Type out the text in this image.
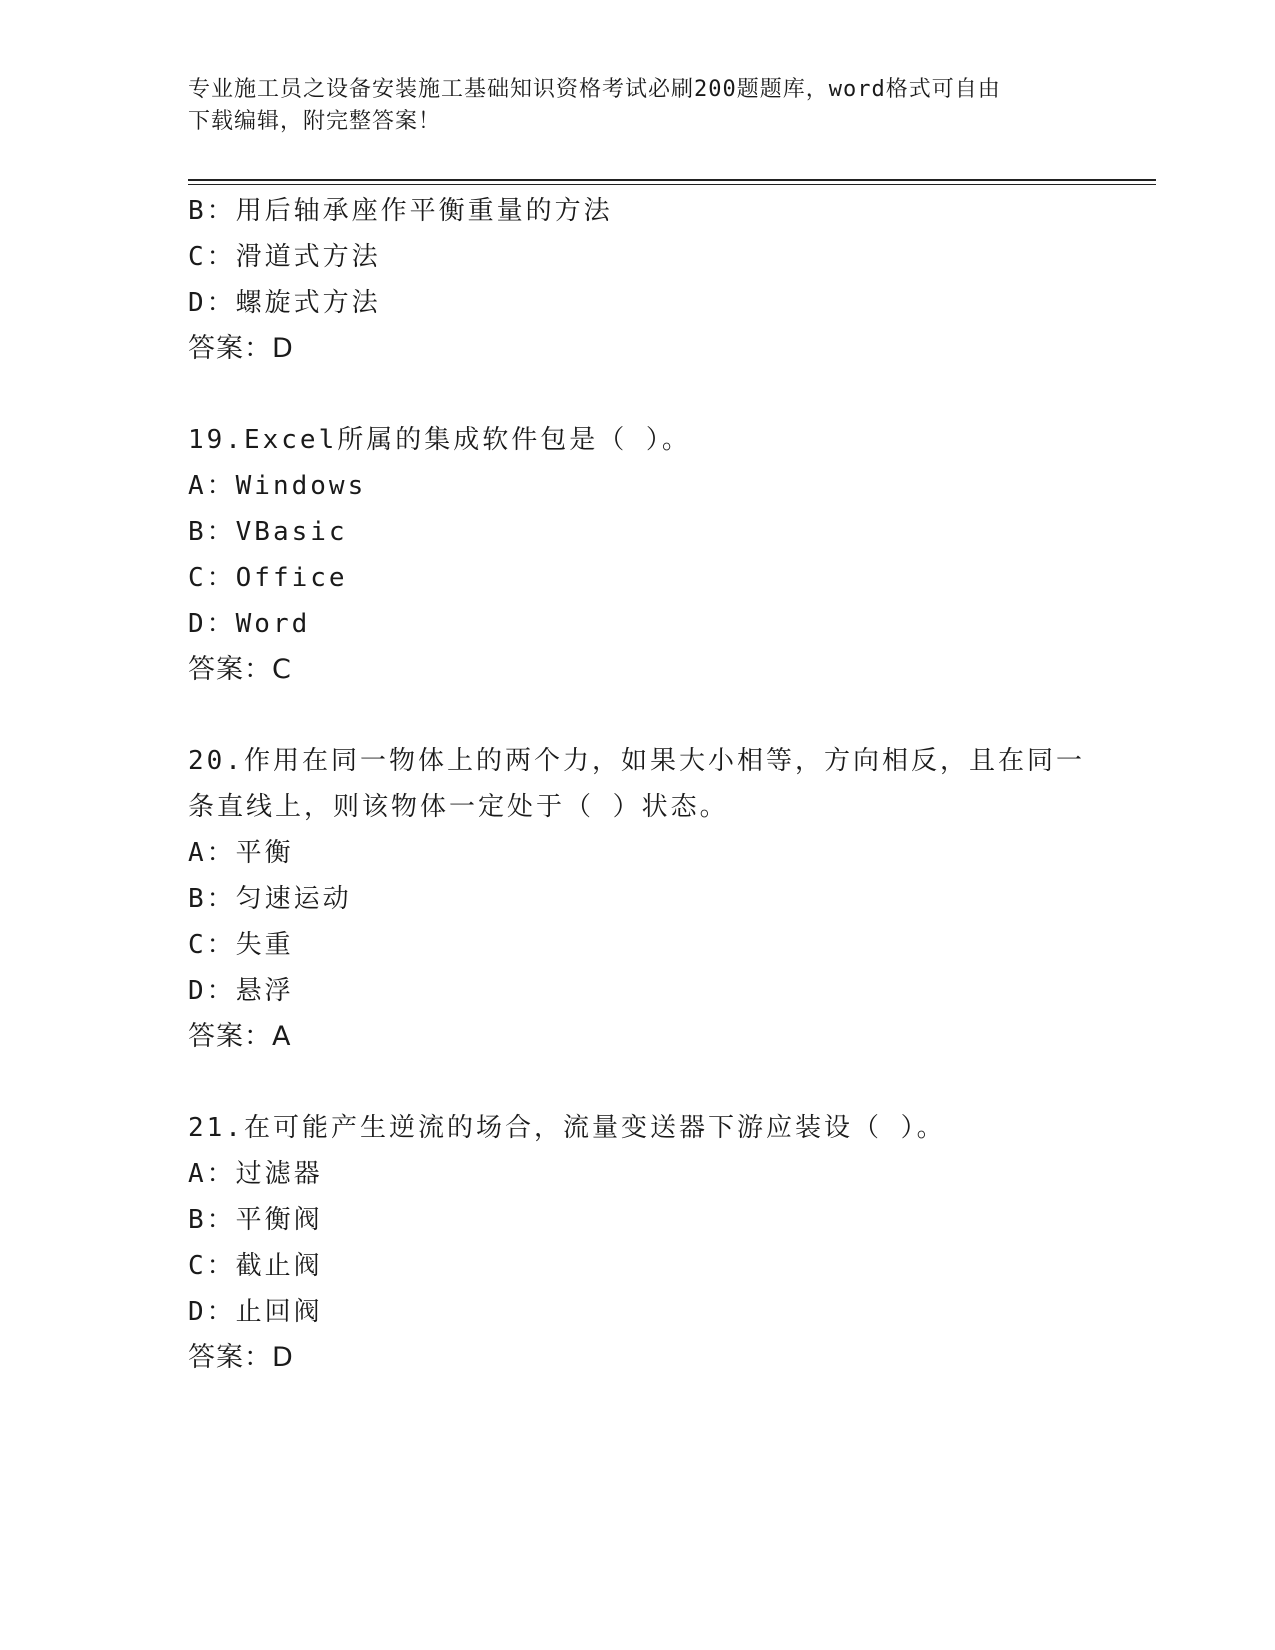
专业施工员之设备安装施工基础知识资格考试必刷200题题库，word格式可自由
下载编辑，附完整答案！
B：用后轴承座作平衡重量的方法
C：滑道式方法
D：螺旋式方法
答案：D
19.Excel所属的集成软件包是（ ）。
A：Windows
B：VBasic
C：Office
D：Word
答案：C
20.作用在同一物体上的两个力，如果大小相等，方向相反，且在同一
条直线上，则该物体一定处于（ ）状态。
A：平衡
B：匀速运动
C：失重
D：悬浮
答案：A
21.在可能产生逆流的场合，流量变送器下游应装设（ ）。
A：过滤器
B：平衡阀
C：截止阀
D：止回阀
答案：D
